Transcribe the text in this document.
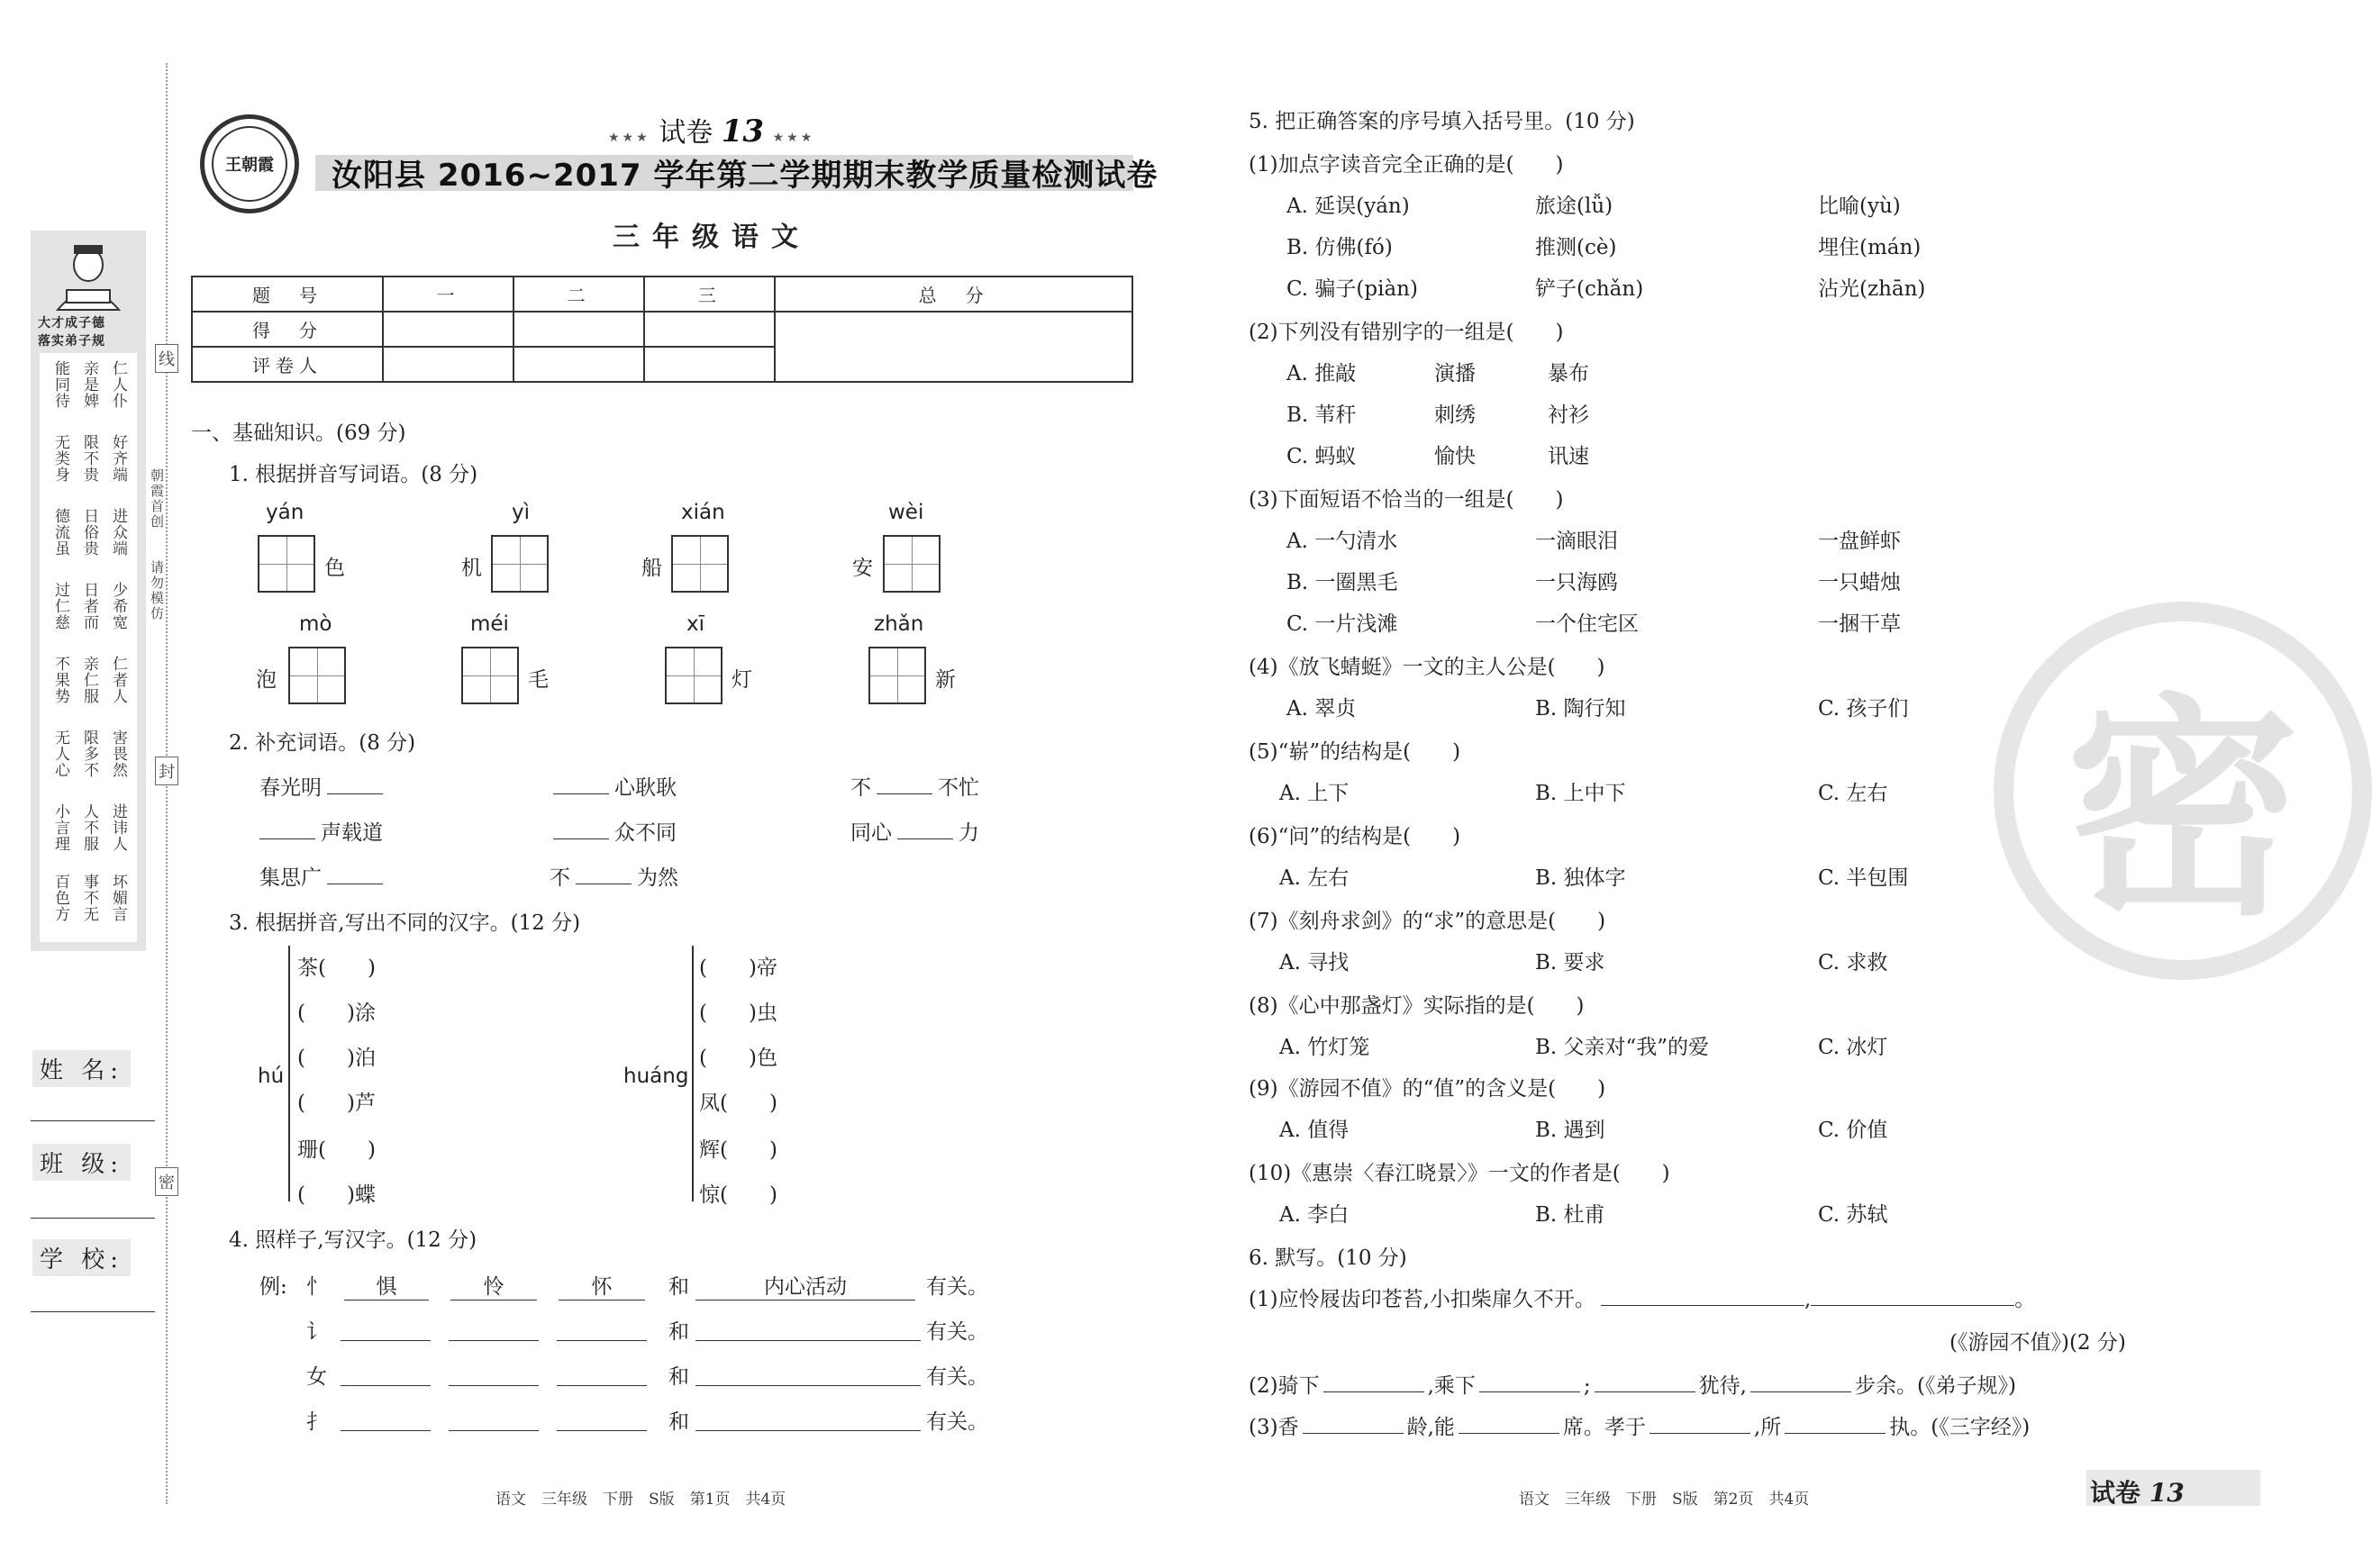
线
封
密
朝霞首创
请勿模仿
大才成子德
落实弟子规
能同待 亲是婢 仁人仆
无类身 限不贵 好齐端
德流虽 日俗贵 进众端
过仁慈 日者而 少希宽
不果势 亲仁服 仁者人
无人心 限多不 害畏然
小言理 人不服 进讳人
百色方 事不无 坏媚言
姓 名:
班 级:
学 校:
王朝霞
★★★ 试卷 13 ★★★
汝阳县 2016~2017 学年第二学期期末教学质量检测试卷
三年级语文
题　号	一	二	三	总　分
得　分				
评卷人				
一、基础知识。(69 分)
1. 根据拼音写词语。(8 分)
yán
色
yì
机
xián
船
wèi
安
mò
泡
méi
毛
xī
灯
zhǎn
新
2. 补充词语。(8 分)
春光明	心耿耿	不	不忙
声载道	众不同	同心	力
集思广	不	为然
3. 根据拼音,写出不同的汉字。(12 分)
hú
茶(　　)
(　　)涂
(　　)泊
(　　)芦
珊(　　)
(　　)蝶
huáng
(　　)帝
(　　)虫
(　　)色
凤(　　)
辉(　　)
惊(　　)
4. 照样子,写汉字。(12 分)
例: 忄	惧	怜	怀	和	内心活动	有关。
讠	和	有关。
女	和	有关。
扌	和	有关。
语文　三年级　下册　S版　第1页　共4页
密
5. 把正确答案的序号填入括号里。(10 分)
(1)加点字读音完全正确的是(　　)
A. 延误(yán)	旅途(lǚ)	比喻(yù)
B. 仿佛(fó)	推测(cè)	埋住(mán)
C. 骗子(piàn)	铲子(chǎn)	沾光(zhān)
(2)下列没有错别字的一组是(　　)
A. 推敲	演播	暴布
B. 苇秆	刺绣	衬衫
C. 蚂蚁	愉快	讯速
(3)下面短语不恰当的一组是(　　)
A. 一勺清水	一滴眼泪	一盘鲜虾
B. 一圈黑毛	一只海鸥	一只蜡烛
C. 一片浅滩	一个住宅区	一捆干草
(4)《放飞蜻蜓》一文的主人公是(　　)
A. 翠贞	B. 陶行知	C. 孩子们
(5)“崭”的结构是(　　)
A. 上下	B. 上中下	C. 左右
(6)“问”的结构是(　　)
A. 左右	B. 独体字	C. 半包围
(7)《刻舟求剑》的“求”的意思是(　　)
A. 寻找	B. 要求	C. 求救
(8)《心中那盏灯》实际指的是(　　)
A. 竹灯笼	B. 父亲对“我”的爱	C. 冰灯
(9)《游园不值》的“值”的含义是(　　)
A. 值得	B. 遇到	C. 价值
(10)《惠崇〈春江晓景〉》一文的作者是(　　)
A. 李白	B. 杜甫	C. 苏轼
6. 默写。(10 分)
(1)应怜屐齿印苍苔,小扣柴扉久不开。	,	。
(《游园不值》)(2 分)
(2)骑下	,乘下	;	犹待,	步余。(《弟子规》)
(3)香	龄,能	席。孝于	,所	执。(《三字经》)
语文　三年级　下册　S版　第2页　共4页	试卷 13
